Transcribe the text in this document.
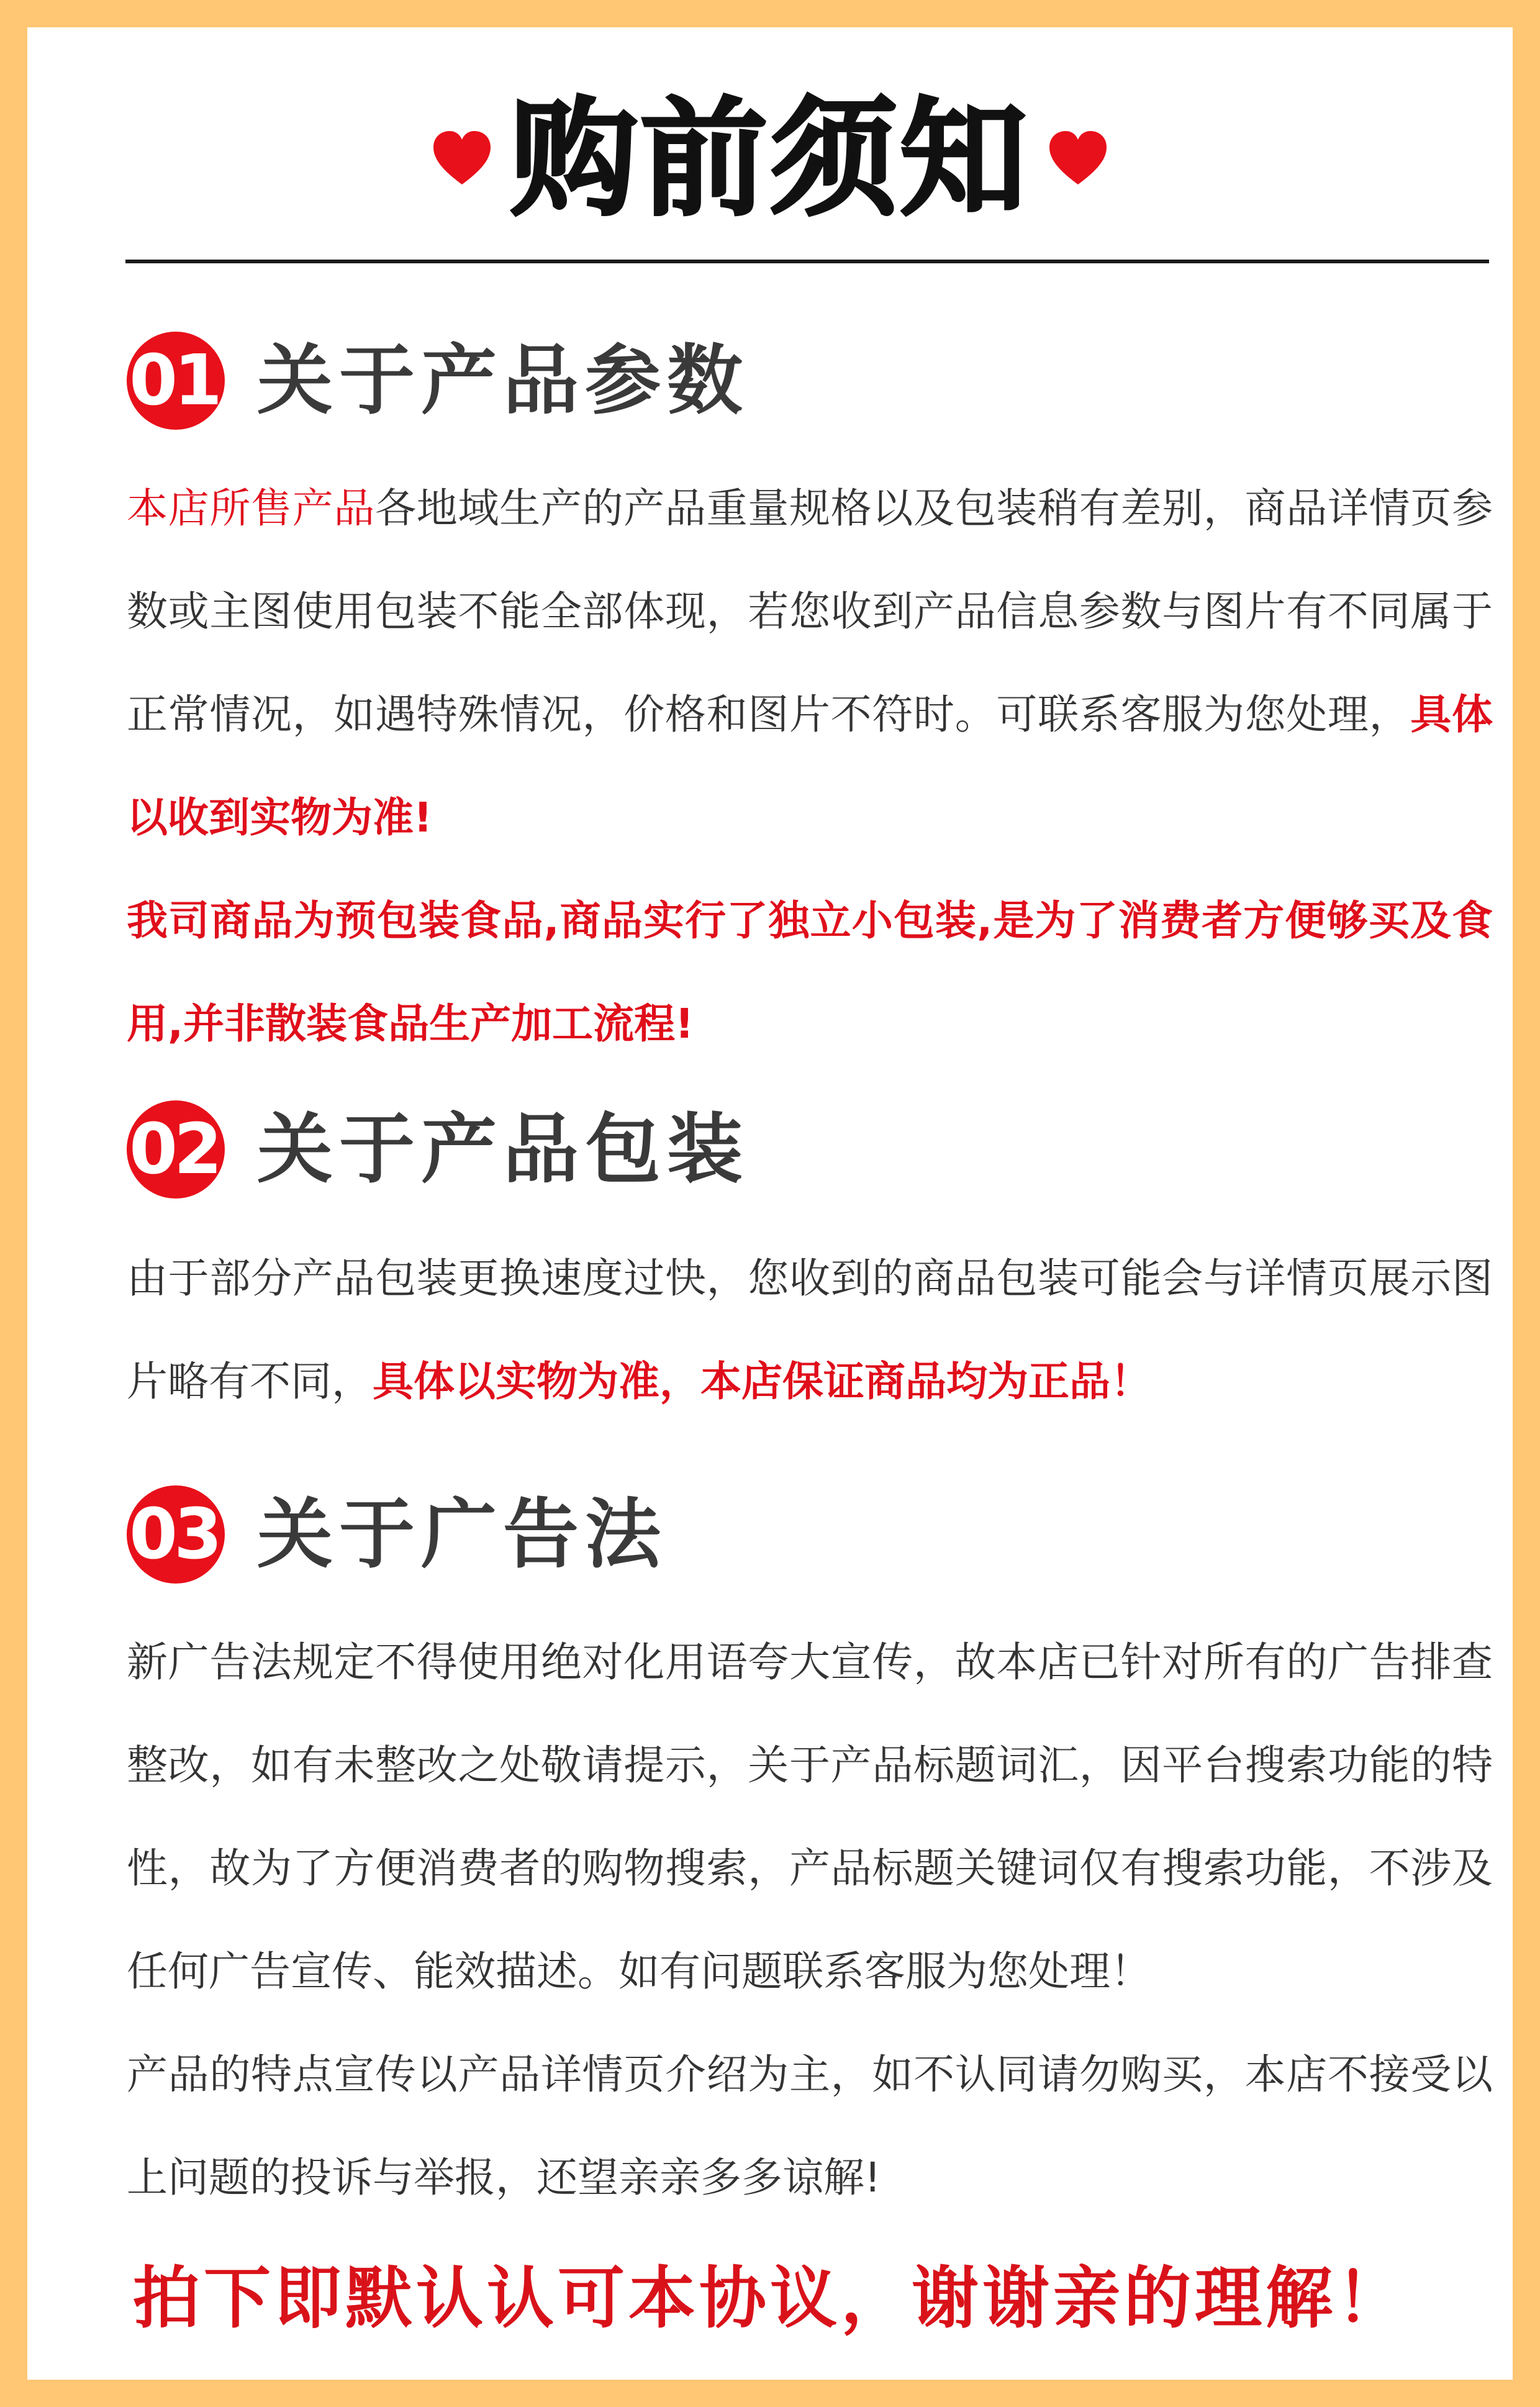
购前须知
01 关于产品参数

本店所售产品各地域生产的产品重量规格以及包装稍有差别，商品详情页参数或主图使用包装不能全部体现，若您收到产品信息参数与图片有不同属于正常情况，如遇特殊情况，价格和图片不符时。可联系客服为您处理，具体以收到实物为准!

我司商品为预包装食品,商品实行了独立小包装,是为了消费者方便够买及食用,并非散装食品生产加工流程!

02 关于产品包装

由于部分产品包装更换速度过快，您收到的商品包装可能会与详情页展示图片略有不同，具体以实物为准，本店保证商品均为正品！

03 关于广告法

新广告法规定不得使用绝对化用语夸大宣传，故本店已针对所有的广告排查整改，如有未整改之处敬请提示，关于产品标题词汇，因平台搜索功能的特性，故为了方便消费者的购物搜索，产品标题关键词仅有搜索功能，不涉及任何广告宣传、能效描述。如有问题联系客服为您处理！

产品的特点宣传以产品详情页介绍为主，如不认同请勿购买，本店不接受以上问题的投诉与举报，还望亲亲多多谅解!

拍下即默认认可本协议，谢谢亲的理解！
